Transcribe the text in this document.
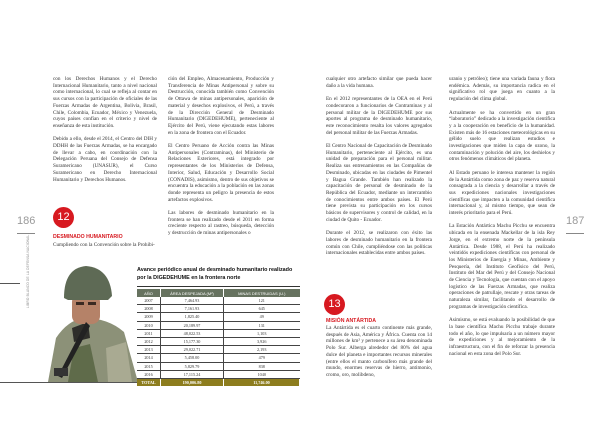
con los Derechos Humanos y el Derecho Internacional Humanitario, tanto a nivel nacional como internacional, lo cual se refleja al contar en sus cursos con la participación de oficiales de las Fuerzas Armadas de Argentina, Bolivia, Brasil, Chile, Colombia, Ecuador, México y Venezuela, cuyos países confían en el criterio y nivel de enseñanza de esta institución.

Debido a ello, desde el 2014, el Centro del DIH y DDHH de las Fuerzas Armadas, se ha encargado de llevar a cabo, en coordinación con la Delegación Peruana del Consejo de Defensa Suramericano (UNASUR), el Curso Suramericano en Derecho Internacional Humanitario y Derechos Humanos.

186
LIBRO BLANCO DE LA DEFENSA NACIONAL
12
DESMINADO HUMANITARIO
Cumpliendo con la Convención sobre la Prohibi-

ción del Empleo, Almacenamiento, Producción y Transferencia de Minas Antipersonal y sobre su Destrucción, conocida también como Convención de Ottawa de minas antipersonales, aparición de material y desechos explosivos, el Perú, a través de la Dirección General de Desminado Humanitario (DIGEDEHUME), perteneciente al Ejército del Perú, viene ejecutando estas labores en la zona de frontera con el Ecuador.

El Centro Peruano de Acción contra las Minas Antipersonales (Contraminas), del Ministerio de Relaciones Exteriores, está integrado por representantes de los Ministerios de Defensa, Interior, Salud, Educación y Desarrollo Social (CONADIS), asimismo, dentro de sus objetivos se encuentra la educación a la población en las zonas donde representa un peligro la presencia de estos artefactos explosivos.

Las labores de desminado humanitario en la frontera se han realizado desde el 2011 en forma creciente respecto al rastreo, búsqueda, detección y destrucción de minas antipersonales o

Avance periódico anual de desminado humanitario realizado por la DIGEDEHUME en la frontera norte
AÑO	ÁREA DESPEJADA (M²)	MINAS DESTRUIDAS (U.)
2007	7,464.93	121
2008	7,161.93	645
2009	1,825.40	49
2010	20,189.97	131
2011	48,022.53	1,103
2012	15,177.30	3,926
2013	29,022.71	2,193
2014	5,458.00	479
2015	5,829.79	838
2016	17,115.24	1040
TOTAL	190,006.80	11,746.00

cualquier otro artefacto similar que pueda hacer daño a la vida humana.

En el 2012 representantes de la OEA en el Perú condecoraron a funcionarios de Contraminas y al personal militar de la DIGEDEHUME por sus aportes al programa de desminado humanitario, este reconocimiento resalta los valores agregados del personal militar de las Fuerzas Armadas.

El Centro Nacional de Capacitación de Desminado Humanitario, perteneciente al Ejército, es una unidad de preparación para el personal militar. Realiza sus entrenamientos en las Compañías de Desminado, ubicadas en las ciudades de Pimentel y Bagua Grande. También han realizado la capacitación de personal de desminado de la República del Ecuador, mediante un intercambio de conocimientos entre ambos países. El Perú tiene prevista su participación en los cursos básicos de supervisores y control de calidad, en la ciudad de Quito - Ecuador.

Durante el 2012, se realizaron con éxito las labores de desminado humanitario en la frontera común con Chile, cumpliéndose con las políticas internacionales establecidas entre ambos países.

13
MISIÓN ANTÁRTIDA
La Antártida es el cuarto continente más grande, después de Asia, América y África. Cuenta con 14 millones de km² y pertenece a su área denominada Polo Sur. Alberga alrededor del 80% del agua dulce del planeta e importantes recursos minerales (entre ellos el manto carbonífero más grande del mundo, enormes reservas de hierro, antimonio, cromo, oro, molibdeno,

uranio y petróleo); tiene una variada fauna y flora endémica. Además, su importancia radica en el significativo rol que juega en cuanto a la regulación del clima global.

Actualmente se ha convertido en un gran “laboratorio” dedicado a la investigación científica y a la cooperación en beneficio de la humanidad. Existen más de 16 estaciones meteorológicas en su gélido suelo que realizan estudios e investigaciones que miden la capa de ozono, la contaminación y polución del aire, los deshielos y otros fenómenos climáticos del planeta.

Al Estado peruano le interesa mantener la región de la Antártida como zona de paz y reserva natural consagrada a la ciencia y desarrollar a través de sus expediciones nacionales investigaciones científicas que impacten a la comunidad científica internacional y, al mismo tiempo, que sean de interés prioritario para el Perú.

La Estación Antártica Machu Picchu se encuentra ubicada en la ensenada Mackellar de la isla Rey Jorge, en el extremo norte de la península Antártica. Desde 1988, el Perú ha realizado veintidós expediciones científicas con personal de los Ministerios de Energía y Minas, Ambiente y Pesquería, del Instituto Geofísico del Perú, Instituto del Mar del Perú y del Consejo Nacional de Ciencia y Tecnología, que cuentan con el apoyo logístico de las Fuerzas Armadas, que realiza operaciones de patrullaje, rescate y otras tareas de naturaleza similar, facilitando el desarrollo de programas de investigación científica.

Asimismo, se está evaluando la posibilidad de que la base científica Machu Picchu trabaje durante todo el año, lo que impulsaría a un número mayor de expediciones y al mejoramiento de la infraestructura, con el fin de reforzar la presencia nacional en esta zona del Polo Sur.

187
